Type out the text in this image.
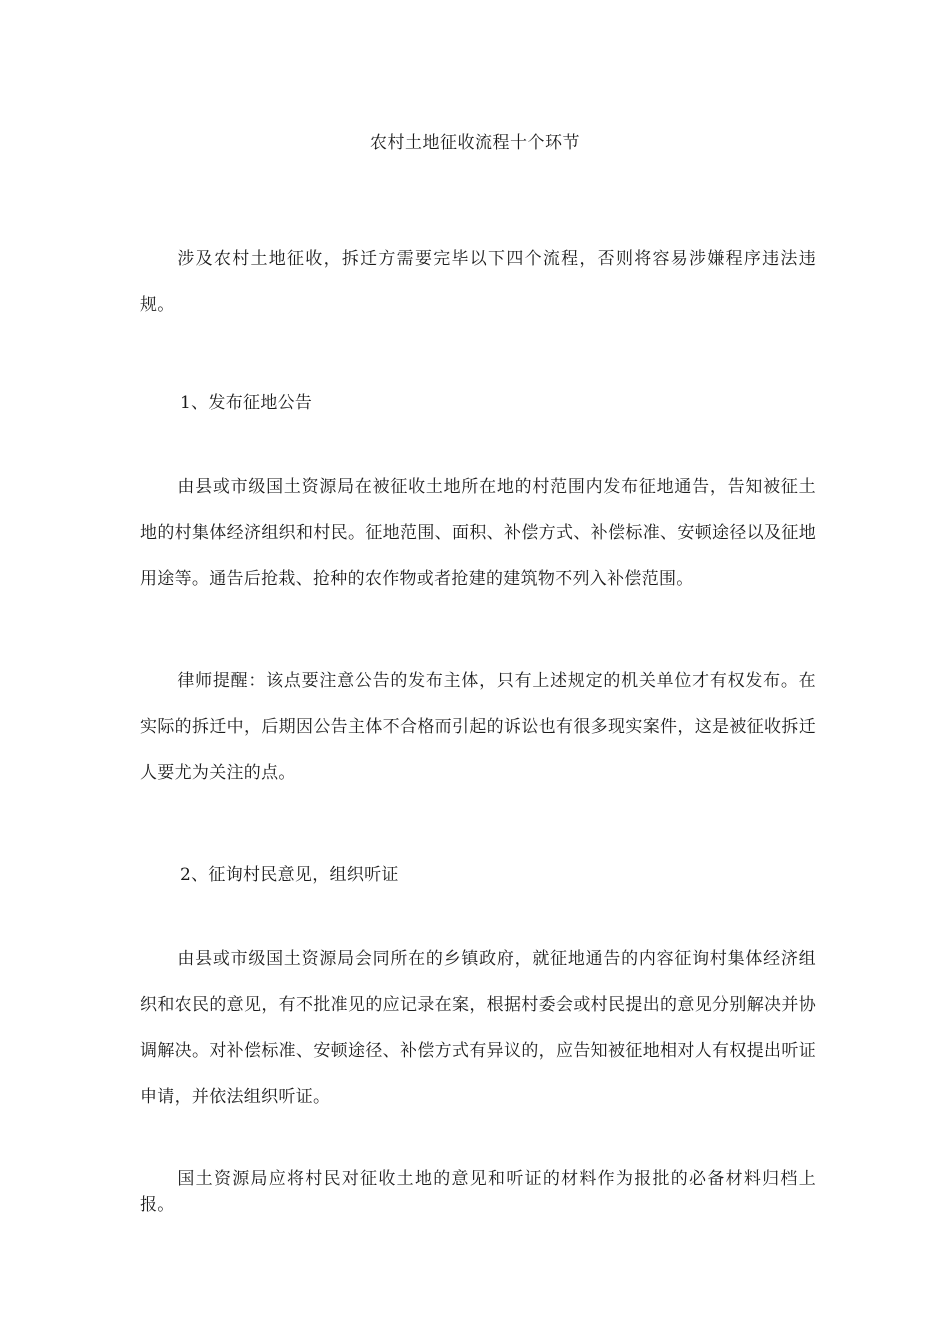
农村土地征收流程十个环节
涉及农村土地征收，拆迁方需要完毕以下四个流程，否则将容易涉嫌程序违法违规。
1、发布征地公告
由县或市级国土资源局在被征收土地所在地的村范围内发布征地通告，告知被征土地的村集体经济组织和村民。征地范围、面积、补偿方式、补偿标准、安顿途径以及征地用途等。通告后抢栽、抢种的农作物或者抢建的建筑物不列入补偿范围。
律师提醒：该点要注意公告的发布主体，只有上述规定的机关单位才有权发布。在实际的拆迁中，后期因公告主体不合格而引起的诉讼也有很多现实案件，这是被征收拆迁人要尤为关注的点。
2、征询村民意见，组织听证
由县或市级国土资源局会同所在的乡镇政府，就征地通告的内容征询村集体经济组织和农民的意见，有不批准见的应记录在案，根据村委会或村民提出的意见分别解决并协调解决。对补偿标准、安顿途径、补偿方式有异议的，应告知被征地相对人有权提出听证申请，并依法组织听证。
国土资源局应将村民对征收土地的意见和听证的材料作为报批的必备材料归档上报。
